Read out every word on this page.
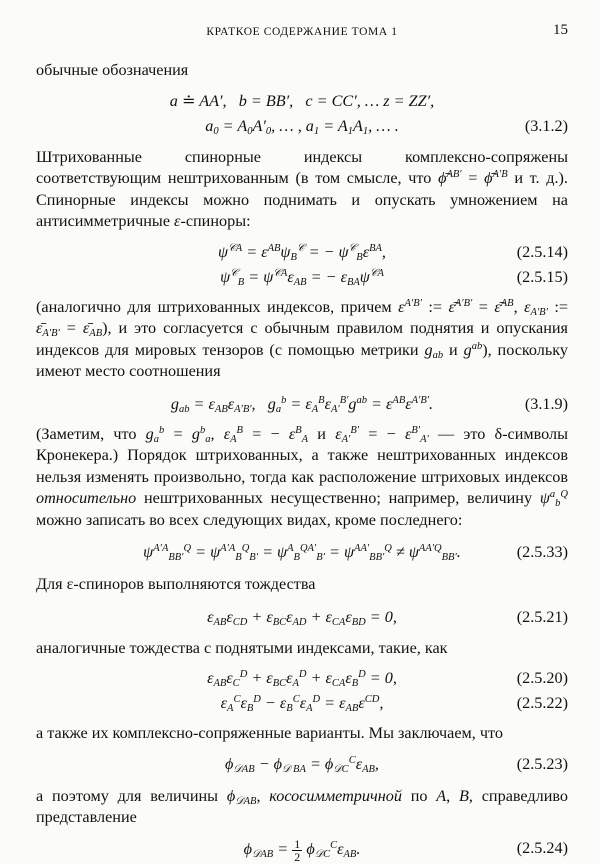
КРАТКОЕ СОДЕРЖАНИЕ ТОМА 1	15

обычные обозначения

a ≐ AA′,   b = BB′,   c = CC′, … z = ZZ′,
$a_0 = A_0A'_0$, … , $a_1 = A_1A_1$, … .	(3.1.2)

Штрихованные спинорные индексы комплексно-сопряжены соответствующим нештрихованным (в том смысле, что ϕ̄$^{AB'}$ = ϕ̄$^{A'B}$ и т. д.). Спинорные индексы можно поднимать и опускать умножением на антисимметричные ε-спиноры:

$\psi^{𝒞A} = \varepsilon^{AB}\psi_B^𝒞$ = − $\psi^𝒞_B\varepsilon^{BA}$,	(2.5.14)
$\psi^𝒞_B = \psi^{𝒞A}\varepsilon_{AB}$ = − $\varepsilon_{BA}\psi^{𝒞A}$	(2.5.15)

(аналогично для штрихованных индексов, причем $\varepsilon^{A'B'}$ := ε̄$^{A'B'}$ = ε̄$^{AB}$, $\varepsilon_{A'B'}$ := $\varepsilon̄_{A'B'}$ = $\varepsilon̄_{AB}$), и это согласуется с обычным правилом поднятия и опускания индексов для мировых тензоров (с помощью метрики $g_{ab}$ и $g^{ab}$), поскольку имеют место соотношения

$g_{ab} = \varepsilon_{AB}\varepsilon_{A'B'}$,   $g_a^b = \varepsilon_A^B\varepsilon_{A'}^{B'}g^{ab} = \varepsilon^{AB}\varepsilon^{A'B'}$.	(3.1.9)

(Заметим, что $g_a^b = g^b_a$, $\varepsilon_A^B$ = − $\varepsilon^B_A$ и $\varepsilon_{A'}^{B'}$ = − $\varepsilon^{B'}_{A'}$ — это δ-символы Кронекера.) Порядок штрихованных, а также нештрихованных индексов нельзя изменять произвольно, тогда как расположение штриховых индексов относительно нештрихованных несущественно; например, величину $\psi^a_b^Q$ можно записать во всех следующих видах, кроме последнего:

$\psi^{A'A}_{BB'}^Q = \psi^{A'A}_B^Q_{B'} = \psi^A_B^{QA'}_{B'} = \psi^{AA'}_{BB'}^Q \ne \psi^{AA'Q}_{BB'}$.	(2.5.33)

Для ε-спиноров выполняются тождества

$\varepsilon_{AB}\varepsilon_{CD} + \varepsilon_{BC}\varepsilon_{AD} + \varepsilon_{CA}\varepsilon_{BD} = 0$,	(2.5.21)

аналогичные тождества с поднятыми индексами, такие, как

$\varepsilon_{AB}\varepsilon_C^D + \varepsilon_{BC}\varepsilon_A^D + \varepsilon_{CA}\varepsilon_B^D = 0$,	(2.5.20)
$\varepsilon_A^C\varepsilon_B^D - \varepsilon_B^C\varepsilon_A^D = \varepsilon_{AB}\varepsilon^{CD}$,	(2.5.22)

а также их комплексно-сопряженные варианты. Мы заключаем, что

$\phi_{𝒟AB} - \phi_{𝒟 BA} = \phi_{𝒟C}^C\varepsilon_{AB}$,	(2.5.23)

а поэтому для величины $\phi_{𝒟AB}$, кососимметричной по A, B, справедливо представление

$\phi_{𝒟AB} = \frac{1}{2} \phi_{𝒟C}^C\varepsilon_{AB}$.	(2.5.24)
